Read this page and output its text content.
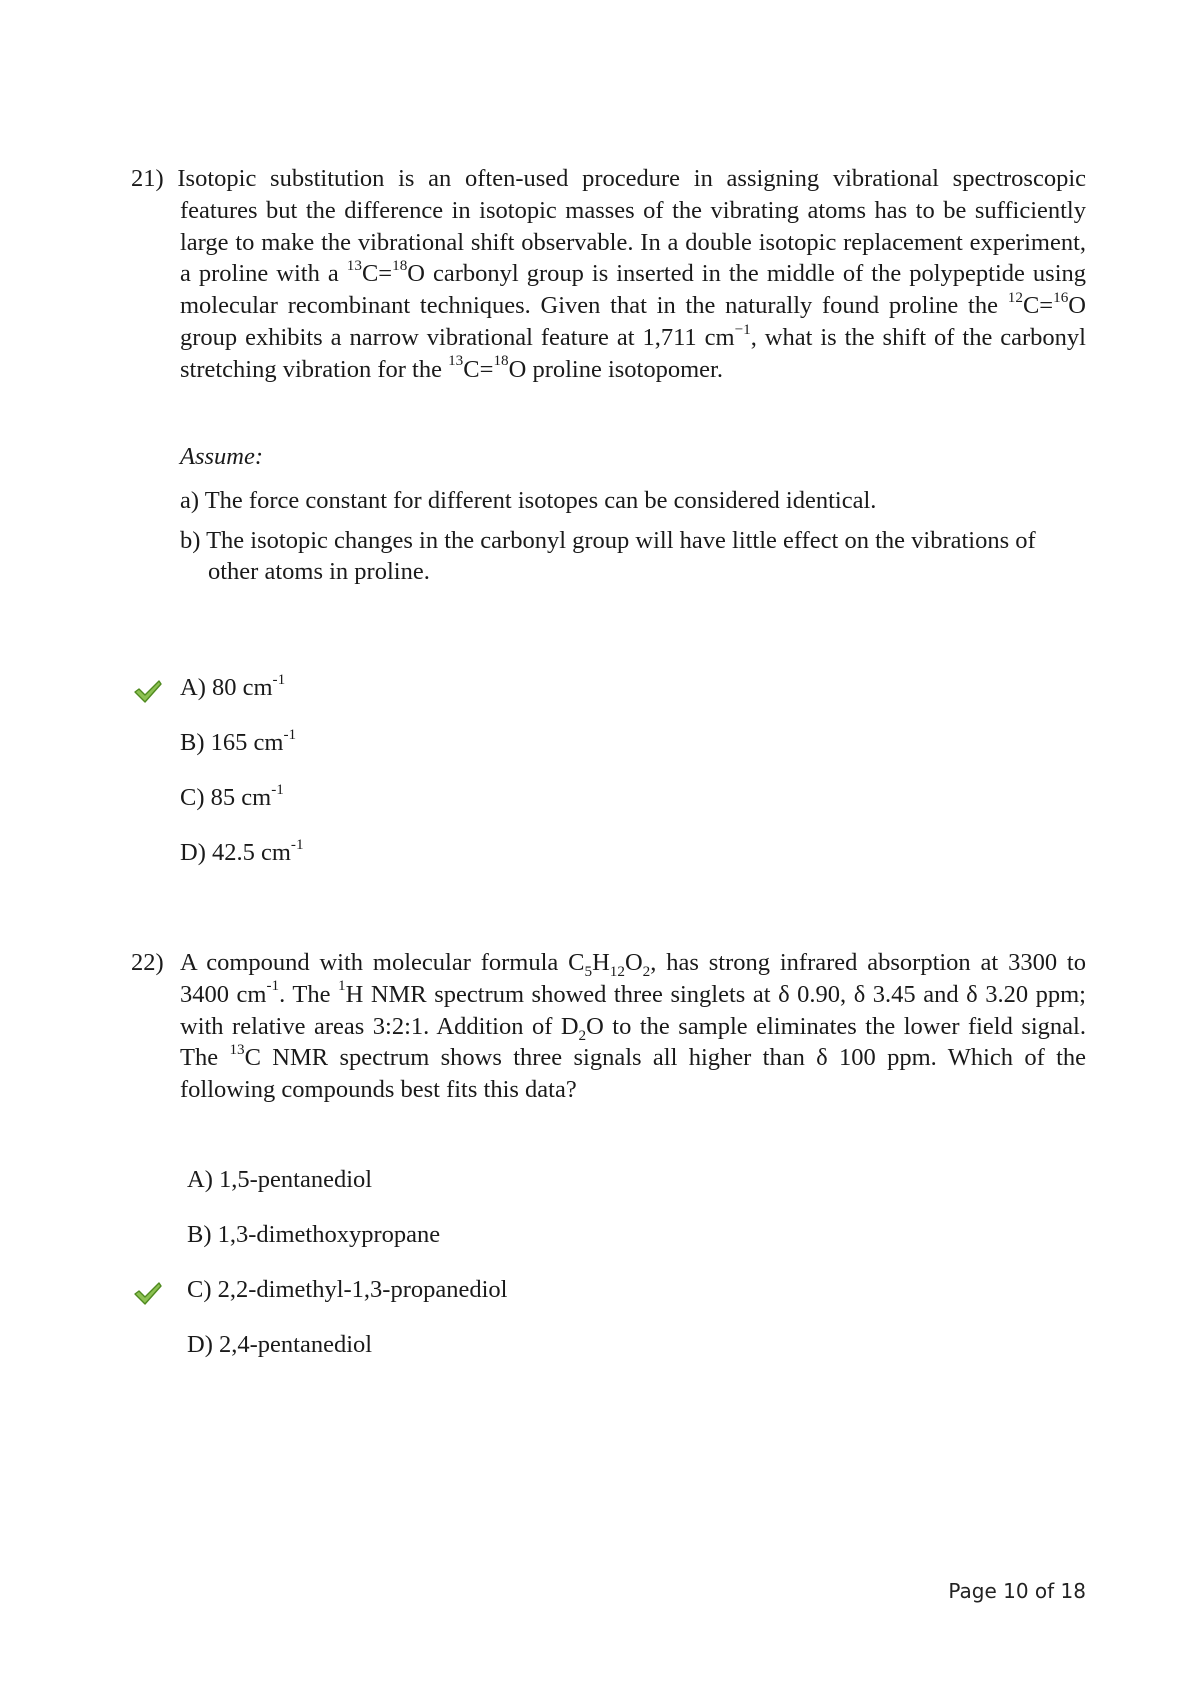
21) Isotopic substitution is an often-used procedure in assigning vibrational spectroscopic features but the difference in isotopic masses of the vibrating atoms has to be sufficiently large to make the vibrational shift observable. In a double isotopic replacement experiment, a proline with a $^{13}$C=$^{18}$O carbonyl group is inserted in the middle of the polypeptide using molecular recombinant techniques. Given that in the naturally found proline the $^{12}$C=$^{16}$O group exhibits a narrow vibrational feature at 1,711 $cm^{-1}$, what is the shift of the carbonyl stretching vibration for the $^{13}$C=$^{18}$O proline isotopomer.
Assume:
a) The force constant for different isotopes can be considered identical.
b) The isotopic changes in the carbonyl group will have little effect on the vibrations of other atoms in proline.
A) 80 $cm^{-1}$
B) 165 $cm^{-1}$
C) 85 $cm^{-1}$
D) 42.5 $cm^{-1}$
22) A compound with molecular formula $C_5H_{12}O_2$, has strong infrared absorption at 3300 to 3400 $cm^{-1}$. The $^1$H NMR spectrum showed three singlets at δ 0.90, δ 3.45 and δ 3.20 ppm; with relative areas 3:2:1. Addition of $D_2O$ to the sample eliminates the lower field signal. The $^{13}$C NMR spectrum shows three signals all higher than δ 100 ppm. Which of the following compounds best fits this data?
A) 1,5-pentanediol
B) 1,3-dimethoxypropane
C) 2,2-dimethyl-1,3-propanediol
D) 2,4-pentanediol
Page 10 of 18
